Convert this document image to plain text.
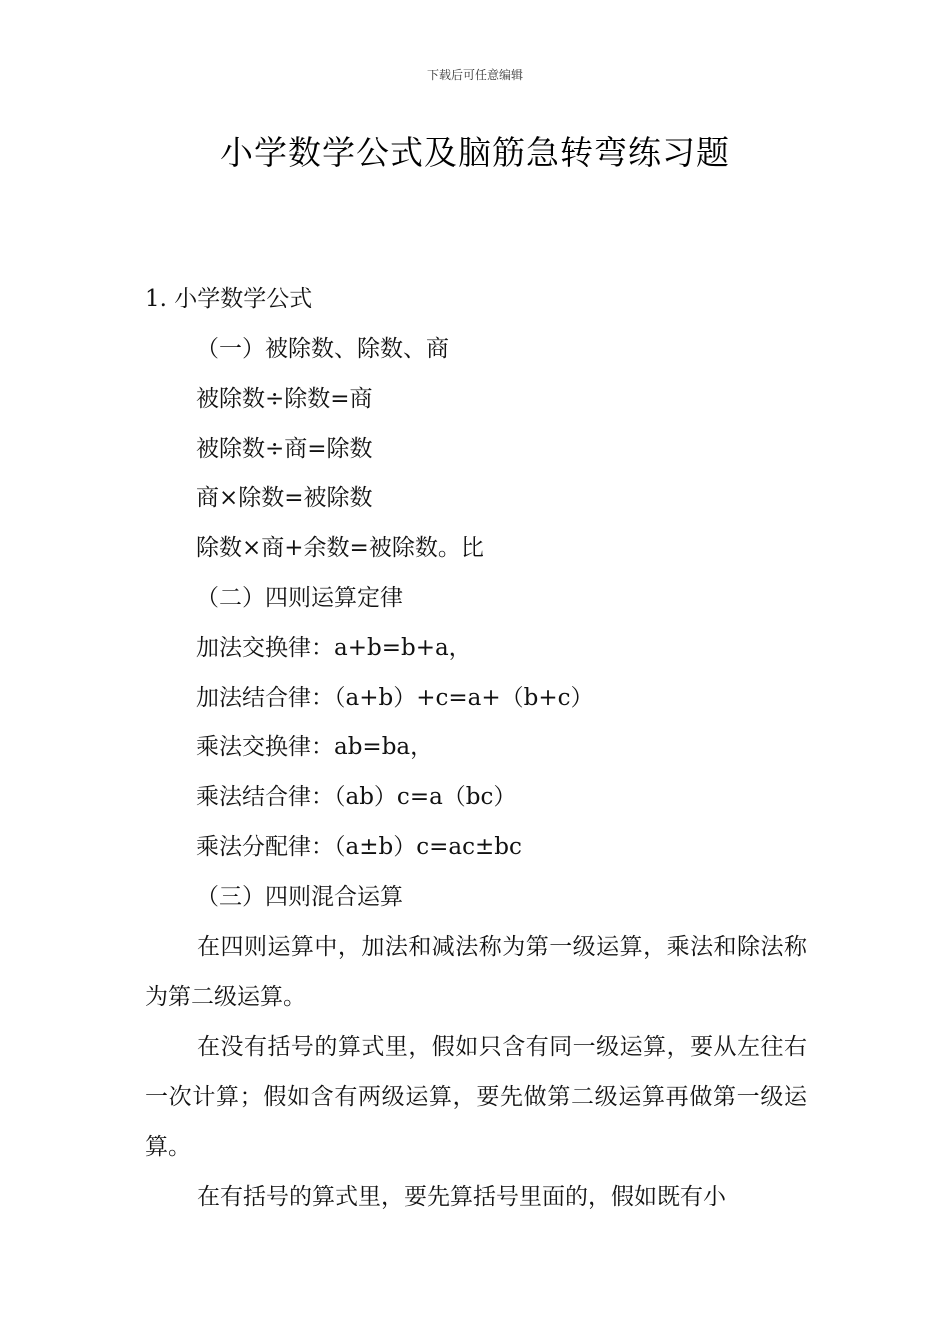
下载后可任意编辑
小学数学公式及脑筋急转弯练习题
1. 小学数学公式
（一）被除数、除数、商
被除数÷除数=商
被除数÷商=除数
商×除数=被除数
除数×商+余数=被除数。比
（二）四则运算定律
加法交换律：a+b=b+a，
加法结合律：（a+b）+c=a+（b+c）
乘法交换律：ab=ba，
乘法结合律：（ab）c=a（bc）
乘法分配律：（a±b）c=ac±bc
（三）四则混合运算
在四则运算中，加法和减法称为第一级运算，乘法和除法称为第二级运算。
在没有括号的算式里，假如只含有同一级运算，要从左往右一次计算；假如含有两级运算，要先做第二级运算再做第一级运算。
在有括号的算式里，要先算括号里面的，假如既有小
